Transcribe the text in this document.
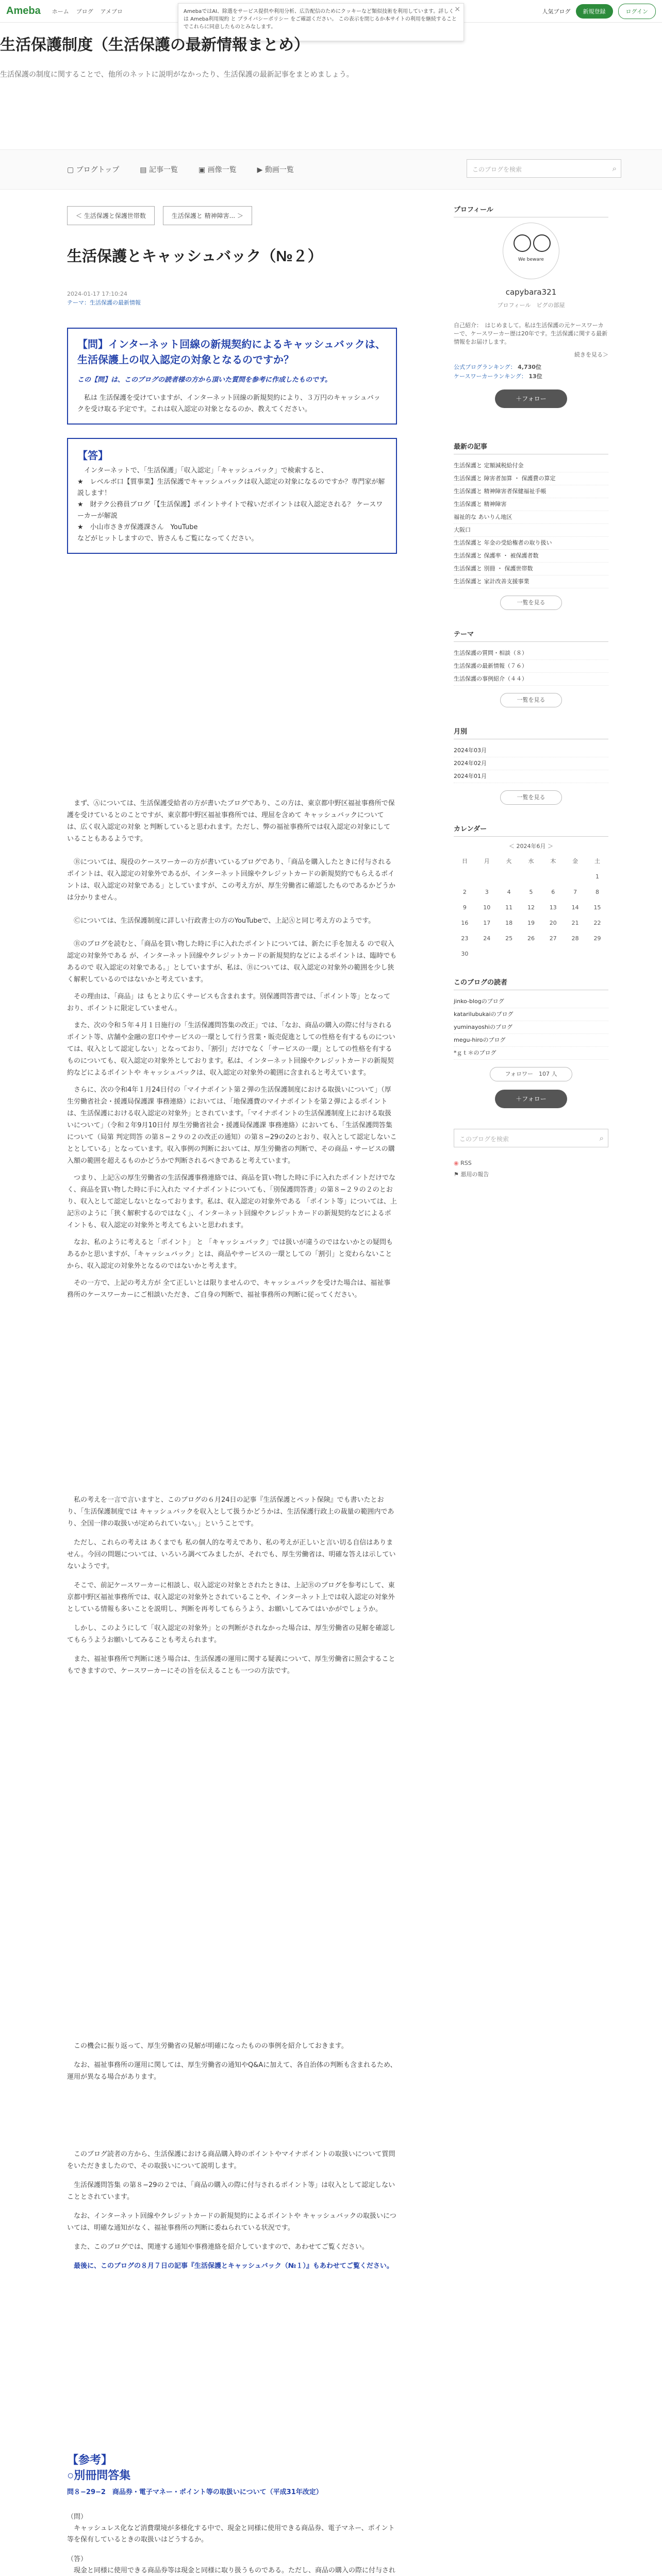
Ameba ホーム ブログ アメブロ	人気ブログ	新規登録	ログイン
AmebaではAI、除選をサービス提供や利用分析、広告配信のためにクッキーなど類似技術を利用しています。詳しくは Ameba利用規約 と プライバシーポリシー をご確認ください。 この表示を閉じるか本サイトの利用を継続することでこれらに同意したものとみなします。
×
生活保護制度（生活保護の最新情報まとめ）
生活保護の制度に関することで、他所のネットに説明がなかったり、生活保護の最新記事をまとめましょう。
▢ ブログトップ	▤ 記事一覧	▣ 画像一覧	▶ 動画一覧	このブログを検索	⌕
＜ 生活保護と保護世帯数	生活保護と 精神障害... ＞
生活保護とキャッシュバック（№２）
2024-01-17 17:10:24
テーマ：生活保護の最新情報
【問】インターネット回線の新規契約によるキャッシュバックは、生活保護上の収入認定の対象となるのですか？
この【問】は、このブログの読者様の方から頂いた質問を参考に作成したものです。
　私は 生活保護を受けていますが、インターネット回線の新規契約により、３万円のキャッシュバックを受け取る予定です。これは収入認定の対象となるのか、教えてください。
【答】
　インターネットで、「生活保護」「収入認定」「キャッシュバック」で検索すると、
★　レベルボ口【質事業】生活保護でキャッシュバックは収入認定の対象になるのですか？専門家が解説します！
★　財テク公務員ブログ「【生活保護】ポイントサイトで稼いだポイントは収入認定される？ ケースワーカーが解説
★　小山市さきガ保護課さん　YouTube
などがヒットしますので、皆さんもご覧になってください。

　まず、Ⓐについては、生活保護受給者の方が書いたブログであり、この方は、東京都中野区福祉事務所で保護を受けているとのことですが、東京都中野区福祉事務所では、理屈を含めて キャッシュバックについては、広く収入認定の対象 と判断していると思われます。ただし、弊の福祉事務所では収入認定の対象にしていることもあるようです。

　Ⓑについては、現役のケースワーカーの方が書いているブログであり、「商品を購入したときに付与されるポイントは、収入認定の対象外であるが、インターネット回線やクレジットカードの新規契約でもらえるポイントは、収入認定の対象である」としていますが、この考え方が、厚生労働省に確認したものであるかどうかは分かりません。

　Ⓒについては、生活保護制度に詳しい行政書士の方のYouTubeで、上記Ⓐと同じ考え方のようです。

　Ⓑのブログを読むと、「商品を買い物した時に手に入れたポイントについては、新たに手を加える ので収入認定の対象外である が、インターネット回線やクレジットカードの新規契約などによるポイントは、臨時でもあるので 収入認定の対象である。」としていますが、私は、Ⓑについては、収入認定の対象外の範囲を少し狭く解釈しているのではないかと考えています。

　その理由は、「商品」は もとより広くサービスも含まれます。別保護問答書では、「ポイント等」となっており、ポイントに限定していません。

　また、次の令和５年４月１日施行の「生活保護問答集の改正」では、「なお、商品の購入の際に付与されるポイント等、店舗や金融の窓口やサービスの一環として行う営業・販売促進としての性格を有するものについては、収入として認定しない」となっており、「割引」だけでなく「サービスの一環」としての性格を有するものについても、収入認定の対象外としております。私は、インターネット回線やクレジットカードの新規契約などによるポイントや キャッシュバックは、収入認定の対象外の範囲に含まれると考えています。

　さらに、次の令和4年１月24日付の「マイナポイント第２弾の生活保護制度における取扱いについて」（厚生労働省社会・援護局保護課 事務連絡）においては、「地保護費のマイナポイントを第２弾によるポイントは、生活保護における収入認定の対象外」とされています。「マイナポイントの生活保護制度上における取扱いについて」（令和２年9月10日付 厚生労働省社会・援護局保護課 事務連絡）においても、「生活保護問答集について（局第 判定問答 の第８−２９の２の改正の通知）の第８−29の2のとおり、収入として認定しないこととしている」となっています。収入事例の判断においては、厚生労働省の判断で、その商品・サービスの購入額の範囲を超えるものかどうかで判断されるべきであると考えています。

　つまり、上記Ⓐの厚生労働省の生活保護事務連絡では、商品を買い物した時に手に入れたポイントだけでなく、商品を買い物した時に手に入れた マイナポイントについても、「別保護問答書」の第８−２９の２のとおり、収入として認定しないとなっております。私は、収入認定の対象外である 「ポイント等」については、上記Ⓑのように「狭く解釈するのではなく」、インターネット回線やクレジットカードの新規契約などによるポイントも、収入認定の対象外と考えてもよいと思われます。

　なお、私のように考えると「ポイント」 と 「キャッシュバック」では扱いが違うのではないかとの疑問もあるかと思いますが、「キャッシュバック」とは、商品やサービスの一環としての「割引」と変わらないことから、収入認定の対象外となるのではないかと考えます。

　その一方で、上記の考え方が 全て正しいとは限りませんので、キャッシュバックを受けた場合は、福祉事務所のケースワーカーにご相談いただき、ご自身の判断で、福祉事務所の判断に従ってください。

　私の考えを一言で言いますと、このブログの６月24日の記事『生活保護とペット保険』でも書いたとおり、「生活保護制度では キャッシュバックを収入として扱うかどうかは、生活保護行政上の裁量の範囲内であり、全国一律の取扱いが定められていない。」ということです。

　ただし、これらの考えは あくまでも 私の個人的な考えであり、私の考えが正しいと言い切る自信はありません。今回の問題については、いろいろ調べてみましたが、それでも、厚生労働省は、明確な答えは示していないようです。

　そこで、前記ケースワーカーに相談し、収入認定の対象とされたときは、上記Ⓑのブログを参考にして、東京都中野区福祉事務所では、収入認定の対象外とされていることや、インターネット上では収入認定の対象外としている情報も多いことを説明し、判断を再考してもらうよう、お願いしてみてはいかがでしょうか。

　しかし、このようにして「収入認定の対象外」との判断がされなかった場合は、厚生労働省の見解を確認してもらうようお願いしてみることも考えられます。

　また、福祉事務所で判断に迷う場合は、生活保護の運用に関する疑義について、厚生労働省に照会することもできますので、ケースワーカーにその旨を伝えることも一つの方法です。

　この機会に振り返って、厚生労働省の見解が明確になったものの事例を紹介しておきます。

　なお、福祉事務所の運用に関しては、厚生労働省の通知やQ&Aに加えて、各自治体の判断も含まれるため、運用が異なる場合があります。

　このブログ読者の方から、生活保護における商品購入時のポイントやマイナポイントの取扱いについて質問をいただきましたので、その取扱いについて説明します。

　生活保護問答集 の第８−29の２では、「商品の購入の際に付与されるポイント等」は収入として認定しないこととされています。

　なお、インターネット回線やクレジットカードの新規契約によるポイントや キャッシュバックの取扱いについては、明確な通知がなく、福祉事務所の判断に委ねられている状況です。

　また、このブログでは、関連する通知や事務連絡を紹介していますので、あわせてご覧ください。

　最後に、このブログの８月７日の記事『生活保護とキャッシュバック（№１）』もあわせてご覧ください。

【参考】
○別冊問答集
問８−29−2　商品券・電子マネー・ポイント等の取扱いについて（平成31年改定）
（問）
　キャッシュレス化など消費環境が多様化する中で、現金と同様に使用できる商品券、電子マネー、ポイント等を保有しているときの取扱いはどうするか。
（答）
　現金と同様に使用できる商品券等は現金と同様に取り扱うものである。ただし、商品の購入の際に付与され

プロフィール
We beware
capybara321
プロフィール　ピグの部屋
自己紹介：　はじめまして。私は生活保護の元ケースワーカーで、ケースワーカー歴は20年です。生活保護に関する最新情報をお届けします。
続きを見る＞
公式ブログランキング： 4,730位
ケースワーカーランキング： 13位
＋フォロー
最新の記事
生活保護と 定額減税給付金
生活保護と 障害者加算 ・ 保護費の算定
生活保護と 精神障害者保健福祉手帳
生活保護と 精神障害
福祉的な あいりん地区
大阪口
生活保護と 年金の受給権者の取り扱い
生活保護と 保護率 ・ 被保護者数
生活保護と 別冊 ・ 保護世帯数
生活保護と 家計改善支援事業
一覧を見る
テーマ
生活保護の質問・相談（８）
生活保護の最新情報（７６）
生活保護の事例紹介（４４）
一覧を見る
月別
2024年03月
2024年02月
2024年01月
一覧を見る
カレンダー
＜ 2024年6月 ＞
日	月	火	水	木	金	土
						1
2	3	4	5	6	7	8
9	10	11	12	13	14	15
16	17	18	19	20	21	22
23	24	25	26	27	28	29
30						
このブログの読者
jinko-blogのブログ
katarilubukaiのブログ
yuminayoshiのブログ
megu-hiroのブログ
*ｇｔ＊のブログ
フォロワー　107 人
＋フォロー
このブログを検索	⌕
◉ RSS
⚑ 悪用の報告
